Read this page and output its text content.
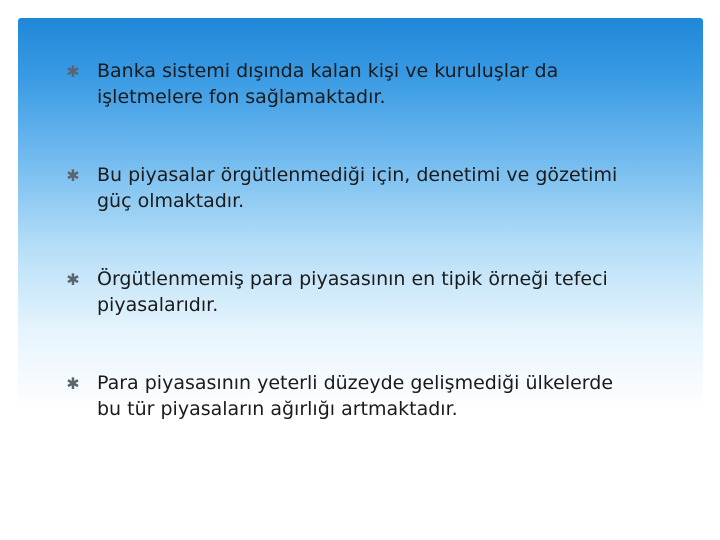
✱ Banka sistemi dışında kalan kişi ve kuruluşlar da
işletmelere fon sağlamaktadır.
✱ Bu piyasalar örgütlenmediği için, denetimi ve gözetimi
güç olmaktadır.
✱ Örgütlenmemiş para piyasasının en tipik örneği tefeci
piyasalarıdır.
✱ Para piyasasının yeterli düzeyde gelişmediği ülkelerde
bu tür piyasaların ağırlığı artmaktadır.
